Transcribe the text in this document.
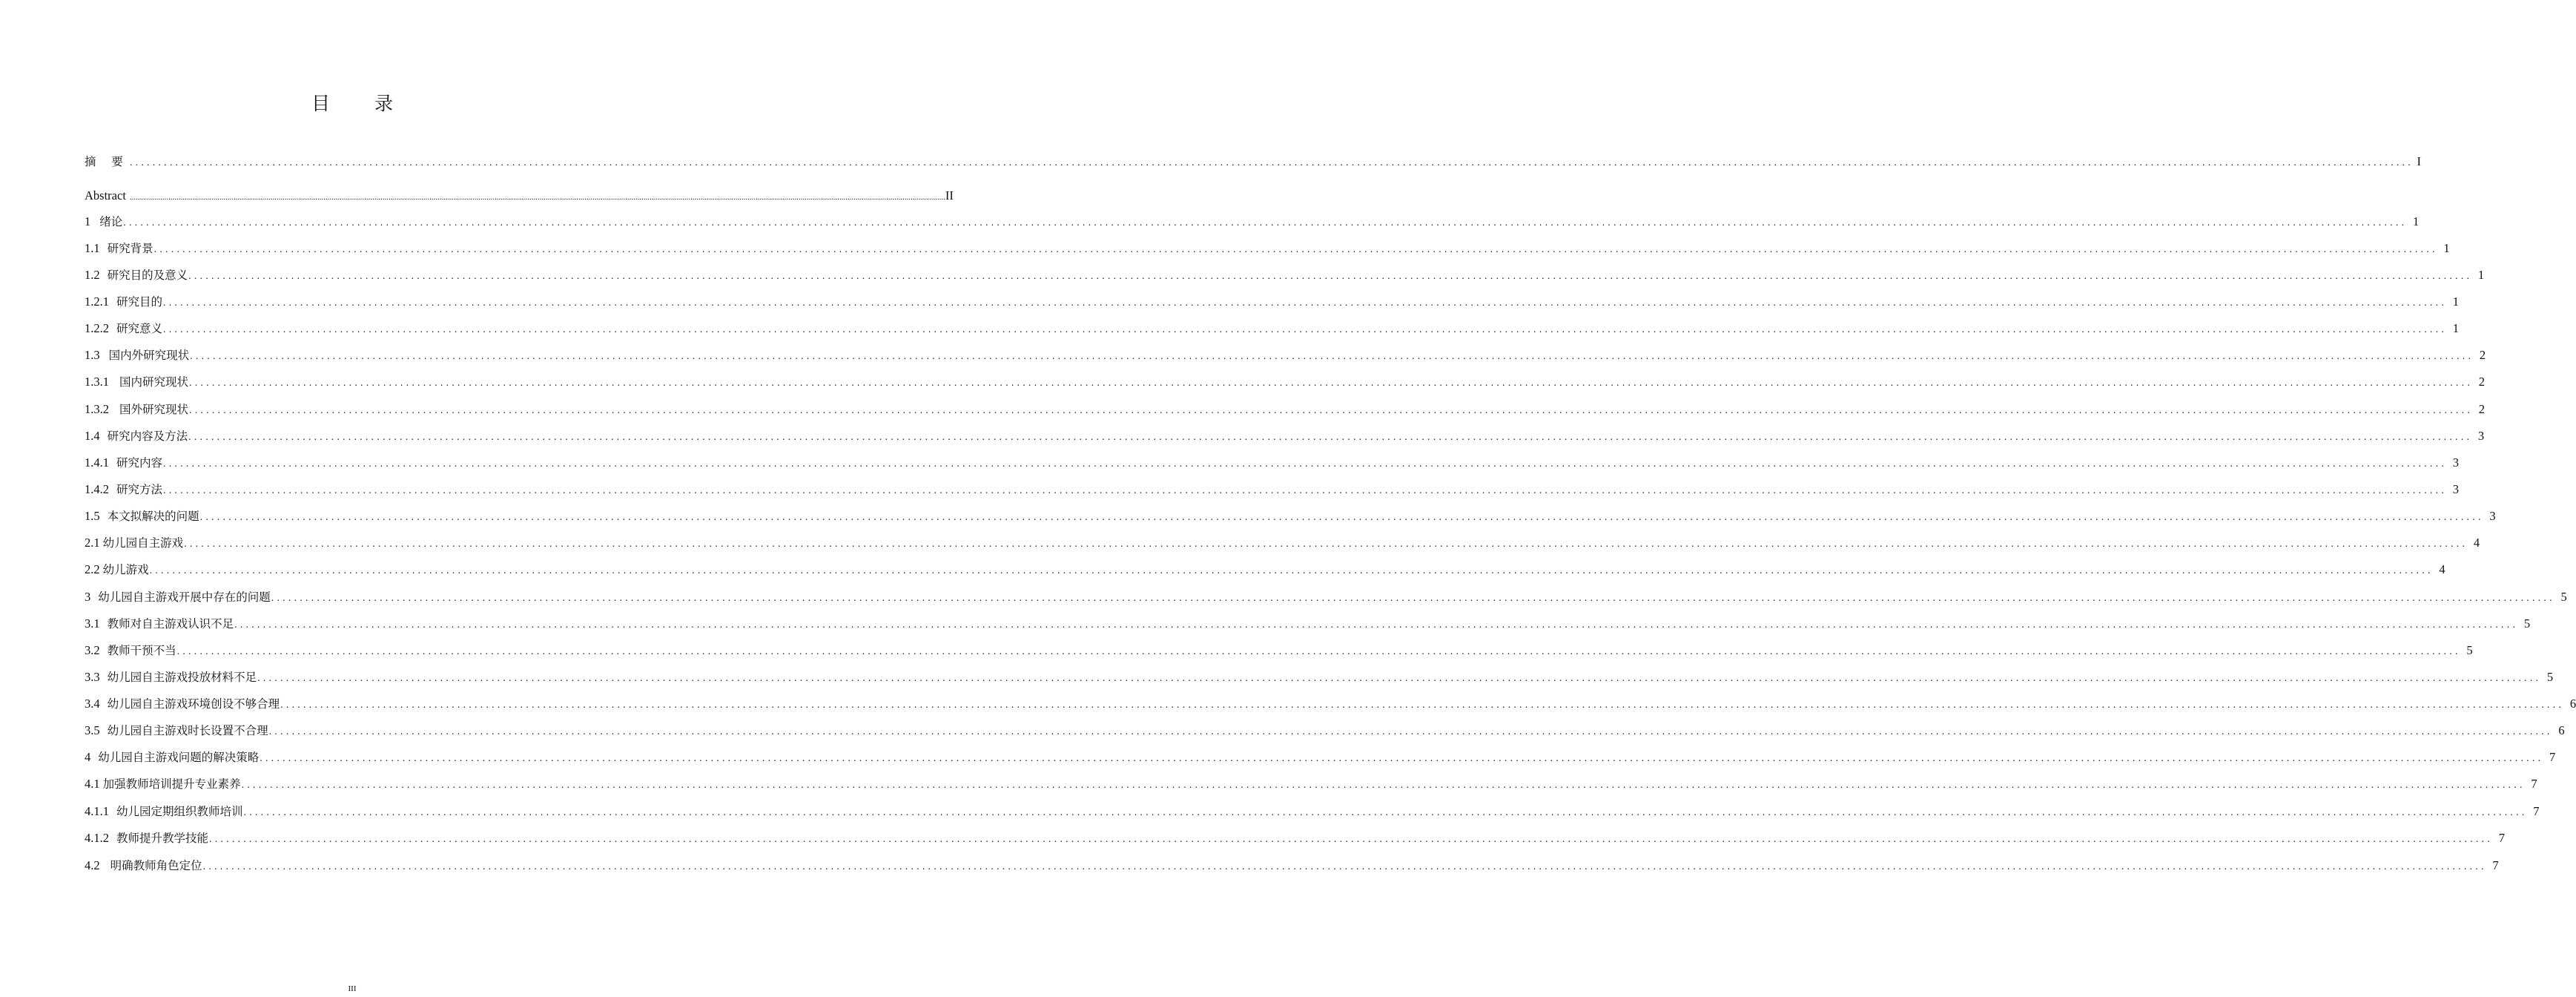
目 录
摘 要 ................................................................................................................................................................................................................................................................................................................................................................................................................ I
Abstract ................................................................................................................................................................................................................................................................................................................................................................................................................ II
1 绪论 ................................................................................................................................................................................................................................................................................................................................................................................................................ 1
1.1 研究背景 ................................................................................................................................................................................................................................................................................................................................................................................................................ 1
1.2 研究目的及意义 ................................................................................................................................................................................................................................................................................................................................................................................................................ 1
1.2.1 研究目的 ................................................................................................................................................................................................................................................................................................................................................................................................................ 1
1.2.2 研究意义 ................................................................................................................................................................................................................................................................................................................................................................................................................ 1
1.3 国内外研究现状 ................................................................................................................................................................................................................................................................................................................................................................................................................ 2
1.3.1 国内研究现状 ................................................................................................................................................................................................................................................................................................................................................................................................................ 2
1.3.2 国外研究现状 ................................................................................................................................................................................................................................................................................................................................................................................................................ 2
1.4 研究内容及方法 ................................................................................................................................................................................................................................................................................................................................................................................................................ 3
1.4.1 研究内容 ................................................................................................................................................................................................................................................................................................................................................................................................................ 3
1.4.2 研究方法 ................................................................................................................................................................................................................................................................................................................................................................................................................ 3
1.5 本文拟解决的问题 ................................................................................................................................................................................................................................................................................................................................................................................................................ 3
2.1 幼儿园自主游戏 ................................................................................................................................................................................................................................................................................................................................................................................................................ 4
2.2 幼儿游戏 ................................................................................................................................................................................................................................................................................................................................................................................................................ 4
3 幼儿园自主游戏开展中存在的问题 ................................................................................................................................................................................................................................................................................................................................................................................................................ 5
3.1 教师对自主游戏认识不足 ................................................................................................................................................................................................................................................................................................................................................................................................................ 5
3.2 教师干预不当 ................................................................................................................................................................................................................................................................................................................................................................................................................ 5
3.3 幼儿园自主游戏投放材料不足 ................................................................................................................................................................................................................................................................................................................................................................................................................ 5
3.4 幼儿园自主游戏环境创设不够合理 ................................................................................................................................................................................................................................................................................................................................................................................................................ 6
3.5 幼儿园自主游戏时长设置不合理 ................................................................................................................................................................................................................................................................................................................................................................................................................ 6
4 幼儿园自主游戏问题的解决策略 ................................................................................................................................................................................................................................................................................................................................................................................................................ 7
4.1 加强教师培训提升专业素养 ................................................................................................................................................................................................................................................................................................................................................................................................................ 7
4.1.1 幼儿园定期组织教师培训 ................................................................................................................................................................................................................................................................................................................................................................................................................ 7
4.1.2 教师提升教学技能 ................................................................................................................................................................................................................................................................................................................................................................................................................ 7
4.2 明确教师角色定位 ................................................................................................................................................................................................................................................................................................................................................................................................................ 7
III
